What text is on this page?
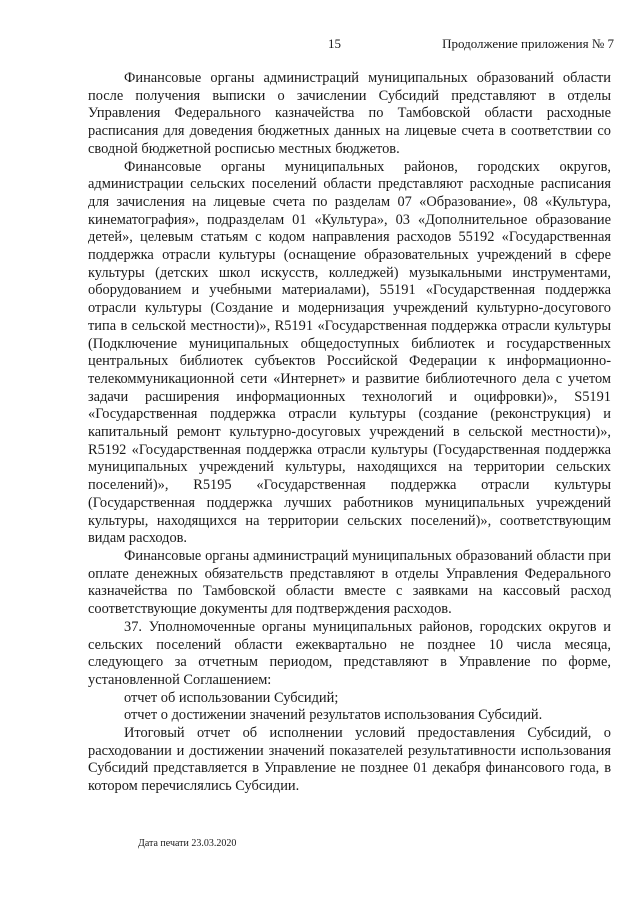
15	Продолжение приложения № 7

Финансовые органы администраций муниципальных образований области после получения выписки о зачислении Субсидий представляют в отделы Управления Федерального казначейства по Тамбовской области расходные расписания для доведения бюджетных данных на лицевые счета в соответствии со сводной бюджетной росписью местных бюджетов.

Финансовые органы муниципальных районов, городских округов, администрации сельских поселений области представляют расходные расписания для зачисления на лицевые счета по разделам 07 «Образование», 08 «Культура, кинематография», подразделам 01 «Культура», 03 «Дополнительное образование детей», целевым статьям с кодом направления расходов 55192 «Государственная поддержка отрасли культуры (оснащение образовательных учреждений в сфере культуры (детских школ искусств, колледжей) музыкальными инструментами, оборудованием и учебными материалами), 55191 «Государственная поддержка отрасли культуры (Создание и модернизация учреждений культурно-досугового типа в сельской местности)», R5191 «Государственная поддержка отрасли культуры (Подключение муниципальных общедоступных библиотек и государственных центральных библиотек субъектов Российской Федерации к информационно-телекоммуникационной сети «Интернет» и развитие библиотечного дела с учетом задачи расширения информационных технологий и оцифровки)», S5191 «Государственная поддержка отрасли культуры (создание (реконструкция) и капитальный ремонт культурно-досуговых учреждений в сельской местности)», R5192 «Государственная поддержка отрасли культуры (Государственная поддержка муниципальных учреждений культуры, находящихся на территории сельских поселений)», R5195 «Государственная поддержка отрасли культуры (Государственная поддержка лучших работников муниципальных учреждений культуры, находящихся на территории сельских поселений)», соответствующим видам расходов.

Финансовые органы администраций муниципальных образований области при оплате денежных обязательств представляют в отделы Управления Федерального казначейства по Тамбовской области вместе с заявками на кассовый расход соответствующие документы для подтверждения расходов.

37. Уполномоченные органы муниципальных районов, городских округов и сельских поселений области ежеквартально не позднее 10 числа месяца, следующего за отчетным периодом, представляют в Управление по форме, установленной Соглашением:

отчет об использовании Субсидий;

отчет о достижении значений результатов использования Субсидий.

Итоговый отчет об исполнении условий предоставления Субсидий, о расходовании и достижении значений показателей результативности использования Субсидий представляется в Управление не позднее 01 декабря финансового года, в котором перечислялись Субсидии.

Дата печати 23.03.2020
